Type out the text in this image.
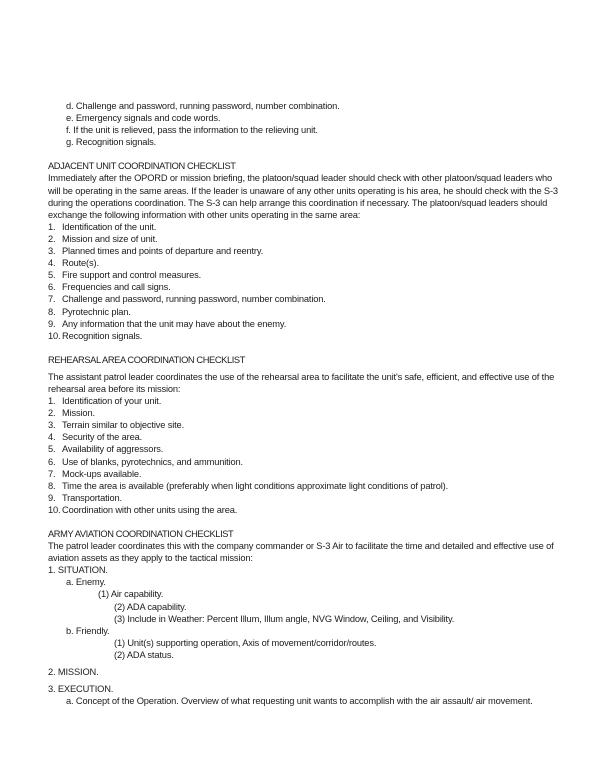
d. Challenge and password, running password, number combination.
e. Emergency signals and code words.
f. If the unit is relieved, pass the information to the relieving unit.
g. Recognition signals.
ADJACENT UNIT COORDINATION CHECKLIST
Immediately after the OPORD or mission briefing, the platoon/squad leader should check with other platoon/squad leaders who will be operating in the same areas. If the leader is unaware of any other units operating is his area, he should check with the S-3 during the operations coordination. The S-3 can help arrange this coordination if necessary. The platoon/squad leaders should exchange the following information with other units operating in the same area:
1. Identification of the unit.
2. Mission and size of unit.
3. Planned times and points of departure and reentry.
4. Route(s).
5. Fire support and control measures.
6. Frequencies and call signs.
7. Challenge and password, running password, number combination.
8. Pyrotechnic plan.
9. Any information that the unit may have about the enemy.
10. Recognition signals.
REHEARSAL AREA COORDINATION CHECKLIST
The assistant patrol leader coordinates the use of the rehearsal area to facilitate the unit's safe, efficient, and effective use of the rehearsal area before its mission:
1. Identification of your unit.
2. Mission.
3. Terrain similar to objective site.
4. Security of the area.
5. Availability of aggressors.
6. Use of blanks, pyrotechnics, and ammunition.
7. Mock-ups available.
8. Time the area is available (preferably when light conditions approximate light conditions of patrol).
9. Transportation.
10. Coordination with other units using the area.
ARMY AVIATION COORDINATION CHECKLIST
The patrol leader coordinates this with the company commander or S-3 Air to facilitate the time and detailed and effective use of aviation assets as they apply to the tactical mission:
1. SITUATION.
a. Enemy.
(1) Air capability.
(2) ADA capability.
(3) Include in Weather: Percent Illum, Illum angle, NVG Window, Ceiling, and Visibility.
b. Friendly.
(1) Unit(s) supporting operation, Axis of movement/corridor/routes.
(2) ADA status.
2. MISSION.
3. EXECUTION.
a. Concept of the Operation. Overview of what requesting unit wants to accomplish with the air assault/ air movement.
